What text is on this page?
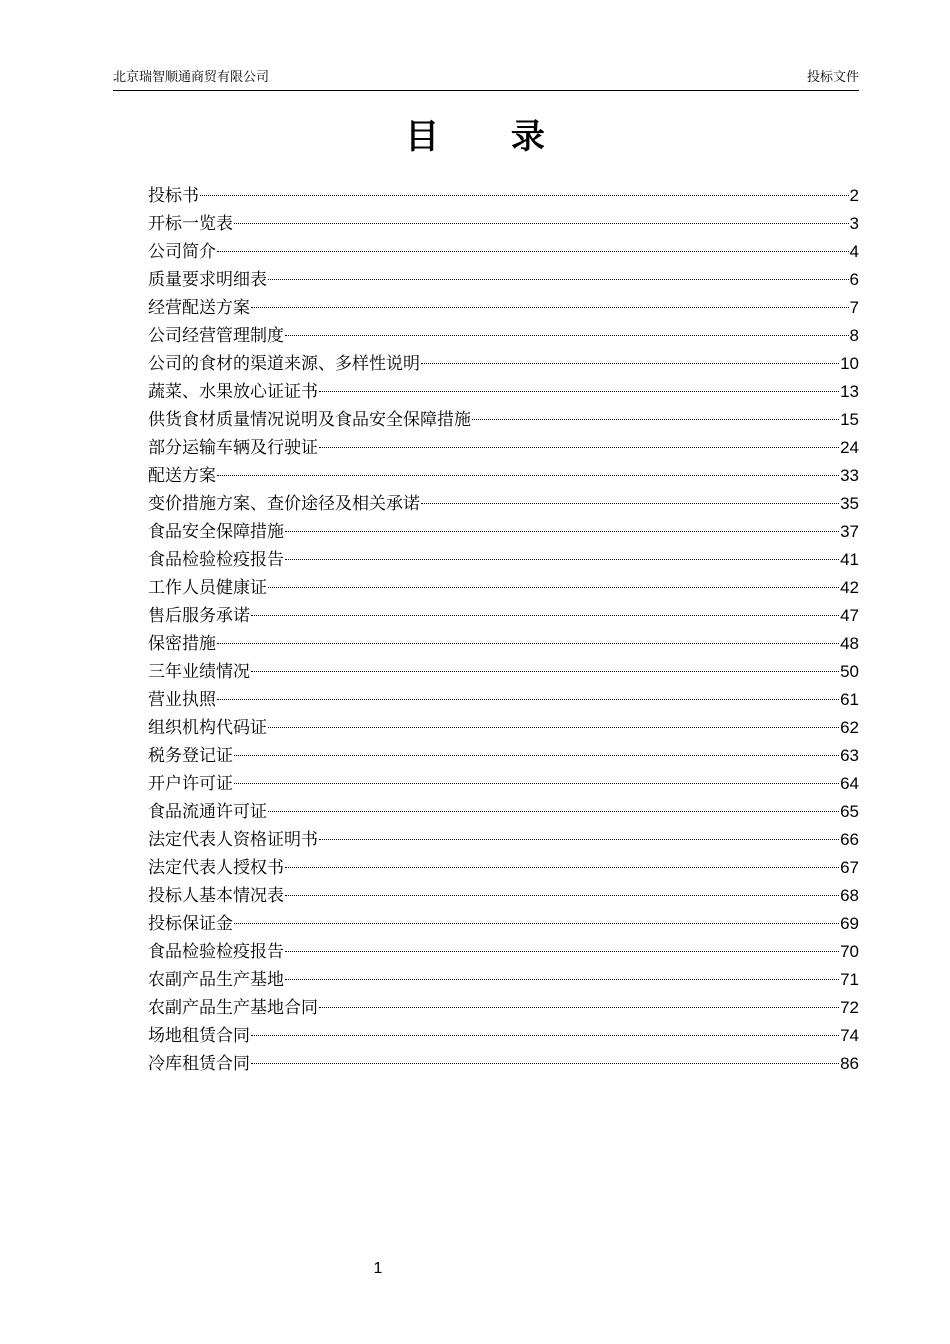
北京瑞智顺通商贸有限公司	投标文件
目 录
投标书	2
开标一览表	3
公司简介	4
质量要求明细表	6
经营配送方案	7
公司经营管理制度	8
公司的食材的渠道来源、多样性说明	10
蔬菜、水果放心证证书	13
供货食材质量情况说明及食品安全保障措施	15
部分运输车辆及行驶证	24
配送方案	33
变价措施方案、查价途径及相关承诺	35
食品安全保障措施	37
食品检验检疫报告	41
工作人员健康证	42
售后服务承诺	47
保密措施	48
三年业绩情况	50
营业执照	61
组织机构代码证	62
税务登记证	63
开户许可证	64
食品流通许可证	65
法定代表人资格证明书	66
法定代表人授权书	67
投标人基本情况表	68
投标保证金	69
食品检验检疫报告	70
农副产品生产基地	71
农副产品生产基地合同	72
场地租赁合同	74
冷库租赁合同	86
1
